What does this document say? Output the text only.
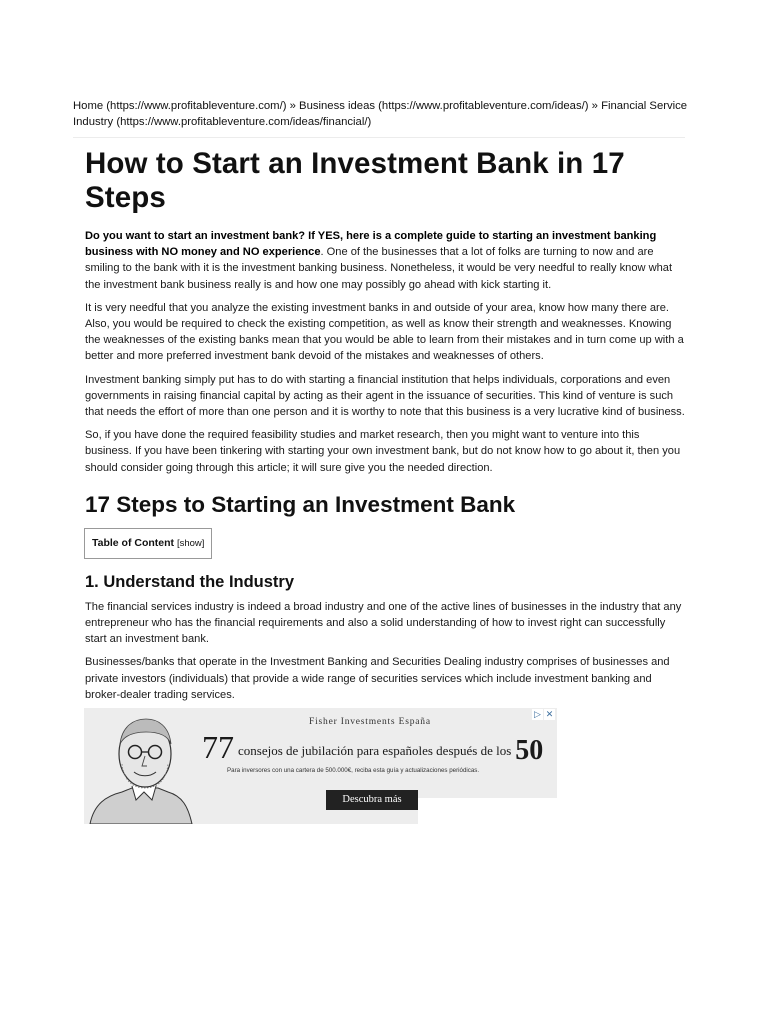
Home (https://www.profitableventure.com/) » Business ideas (https://www.profitableventure.com/ideas/) » Financial Service Industry (https://www.profitableventure.com/ideas/financial/)
How to Start an Investment Bank in 17 Steps

Do you want to start an investment bank? If YES, here is a complete guide to starting an investment banking business with NO money and NO experience. One of the businesses that a lot of folks are turning to now and are smiling to the bank with it is the investment banking business. Nonetheless, it would be very needful to really know what the investment bank business really is and how one may possibly go ahead with kick starting it.

It is very needful that you analyze the existing investment banks in and outside of your area, know how many there are. Also, you would be required to check the existing competition, as well as know their strength and weaknesses. Knowing the weaknesses of the existing banks mean that you would be able to learn from their mistakes and in turn come up with a better and more preferred investment bank devoid of the mistakes and weaknesses of others.

Investment banking simply put has to do with starting a financial institution that helps individuals, corporations and even governments in raising financial capital by acting as their agent in the issuance of securities. This kind of venture is such that needs the effort of more than one person and it is worthy to note that this business is a very lucrative kind of business.

So, if you have done the required feasibility studies and market research, then you might want to venture into this business. If you have been tinkering with starting your own investment bank, but do not know how to go about it, then you should consider going through this article; it will sure give you the needed direction.

17 Steps to Starting an Investment Bank
Table of Content [show]
1. Understand the Industry

The financial services industry is indeed a broad industry and one of the active lines of businesses in the industry that any entrepreneur who has the financial requirements and also a solid understanding of how to invest right can successfully start an investment bank.

Businesses/banks that operate in the Investment Banking and Securities Dealing industry comprises of businesses and private investors (individuals) that provide a wide range of securities services which include investment banking and broker-dealer trading services.

▷ ✕
Fisher Investments España
77 consejos de jubilación para españoles después de los 50
Para inversores con una cartera de 500.000€, reciba esta guía y actualizaciones periódicas.
Descubra más
